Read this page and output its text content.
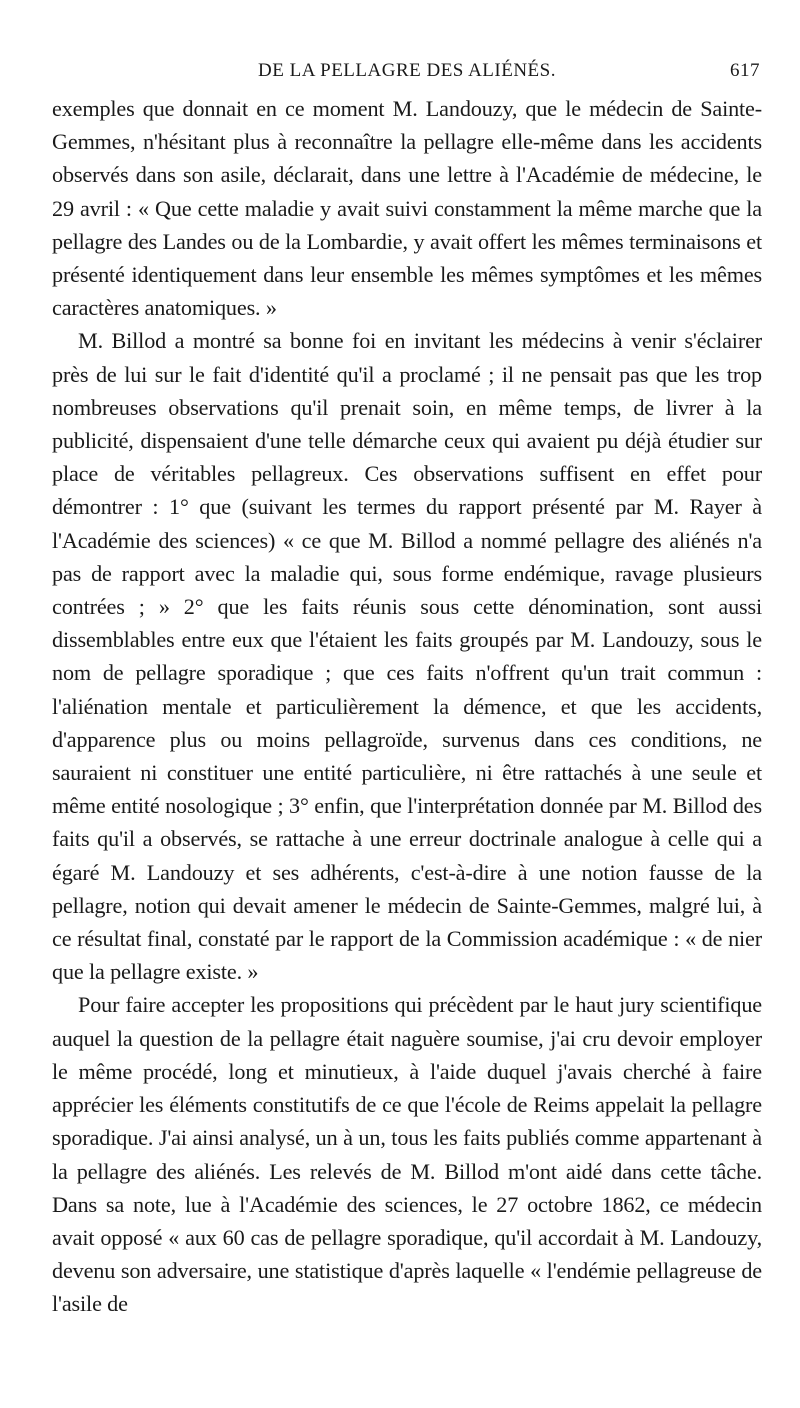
DE LA PELLAGRE DES ALIÉNÉS.	617

exemples que donnait en ce moment M. Landouzy, que le médecin de Sainte-Gemmes, n'hésitant plus à reconnaître la pellagre elle-même dans les accidents observés dans son asile, déclarait, dans une lettre à l'Académie de médecine, le 29 avril : « Que cette maladie y avait suivi constamment la même marche que la pellagre des Landes ou de la Lombardie, y avait offert les mêmes terminaisons et présenté identiquement dans leur ensemble les mêmes symptômes et les mêmes caractères anatomiques. »

M. Billod a montré sa bonne foi en invitant les médecins à venir s'éclairer près de lui sur le fait d'identité qu'il a proclamé ; il ne pensait pas que les trop nombreuses observations qu'il prenait soin, en même temps, de livrer à la publicité, dispensaient d'une telle démarche ceux qui avaient pu déjà étudier sur place de véritables pellagreux. Ces observations suffisent en effet pour démontrer : 1° que (suivant les termes du rapport présenté par M. Rayer à l'Académie des sciences) « ce que M. Billod a nommé pellagre des aliénés n'a pas de rapport avec la maladie qui, sous forme endémique, ravage plusieurs contrées ; » 2° que les faits réunis sous cette dénomination, sont aussi dissemblables entre eux que l'étaient les faits groupés par M. Landouzy, sous le nom de pellagre sporadique ; que ces faits n'offrent qu'un trait commun : l'aliénation mentale et particulièrement la démence, et que les accidents, d'apparence plus ou moins pellagroïde, survenus dans ces conditions, ne sauraient ni constituer une entité particulière, ni être rattachés à une seule et même entité nosologique ; 3° enfin, que l'interprétation donnée par M. Billod des faits qu'il a observés, se rattache à une erreur doctrinale analogue à celle qui a égaré M. Landouzy et ses adhérents, c'est-à-dire à une notion fausse de la pellagre, notion qui devait amener le médecin de Sainte-Gemmes, malgré lui, à ce résultat final, constaté par le rapport de la Commission académique : « de nier que la pellagre existe. »

Pour faire accepter les propositions qui précèdent par le haut jury scientifique auquel la question de la pellagre était naguère soumise, j'ai cru devoir employer le même procédé, long et minutieux, à l'aide duquel j'avais cherché à faire apprécier les éléments constitutifs de ce que l'école de Reims appelait la pellagre sporadique. J'ai ainsi analysé, un à un, tous les faits publiés comme appartenant à la pellagre des aliénés. Les relevés de M. Billod m'ont aidé dans cette tâche. Dans sa note, lue à l'Académie des sciences, le 27 octobre 1862, ce médecin avait opposé « aux 60 cas de pellagre sporadique, qu'il accordait à M. Landouzy, devenu son adversaire, une statistique d'après laquelle « l'endémie pellagreuse de l'asile de
